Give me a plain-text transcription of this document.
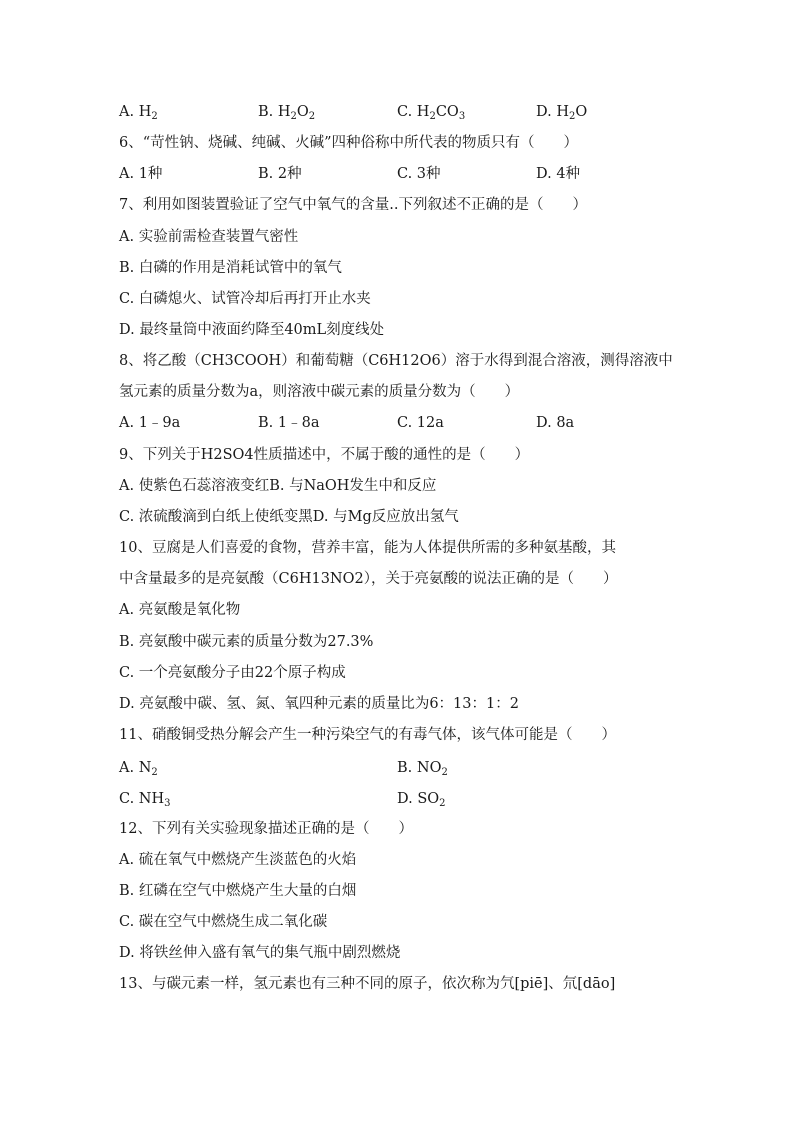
A. $H_2$	B. $H_2O_2$	C. $H_2CO_3$	D. $H_2O$
6、“苛性钠、烧碱、纯碱、火碱”四种俗称中所代表的物质只有（　　）
A. 1种	B. 2种	C. 3种	D. 4种
7、利用如图装置验证了空气中氧气的含量..下列叙述不正确的是（　　）
A. 实验前需检查装置气密性
B. 白磷的作用是消耗试管中的氧气
C. 白磷熄火、试管冷却后再打开止水夹
D. 最终量筒中液面约降至40mL刻度线处
8、将乙酸（CH3COOH）和葡萄糖（C6H12O6）溶于水得到混合溶液，测得溶液中
氢元素的质量分数为a，则溶液中碳元素的质量分数为（　　）
A. 1﹣9a	B. 1﹣8a	C. 12a	D. 8a
9、下列关于H2SO4性质描述中，不属于酸的通性的是（　　）
A. 使紫色石蕊溶液变红B. 与NaOH发生中和反应
C. 浓硫酸滴到白纸上使纸变黑D. 与Mg反应放出氢气
10、豆腐是人们喜爱的食物，营养丰富，能为人体提供所需的多种氨基酸，其
中含量最多的是亮氨酸（C6H13NO2），关于亮氨酸的说法正确的是（　　）
A. 亮氨酸是氧化物
B. 亮氨酸中碳元素的质量分数为27.3%
C. 一个亮氨酸分子由22个原子构成
D. 亮氨酸中碳、氢、氮、氧四种元素的质量比为6：13：1：2
11、硝酸铜受热分解会产生一种污染空气的有毒气体，该气体可能是（　　）
A. $N_2$	B. $NO_2$
C. $NH_3$	D. $SO_2$
12、下列有关实验现象描述正确的是（　　）
A. 硫在氧气中燃烧产生淡蓝色的火焰
B. 红磷在空气中燃烧产生大量的白烟
C. 碳在空气中燃烧生成二氧化碳
D. 将铁丝伸入盛有氧气的集气瓶中剧烈燃烧
13、与碳元素一样，氢元素也有三种不同的原子，依次称为氕[piē]、氘[dāo]
